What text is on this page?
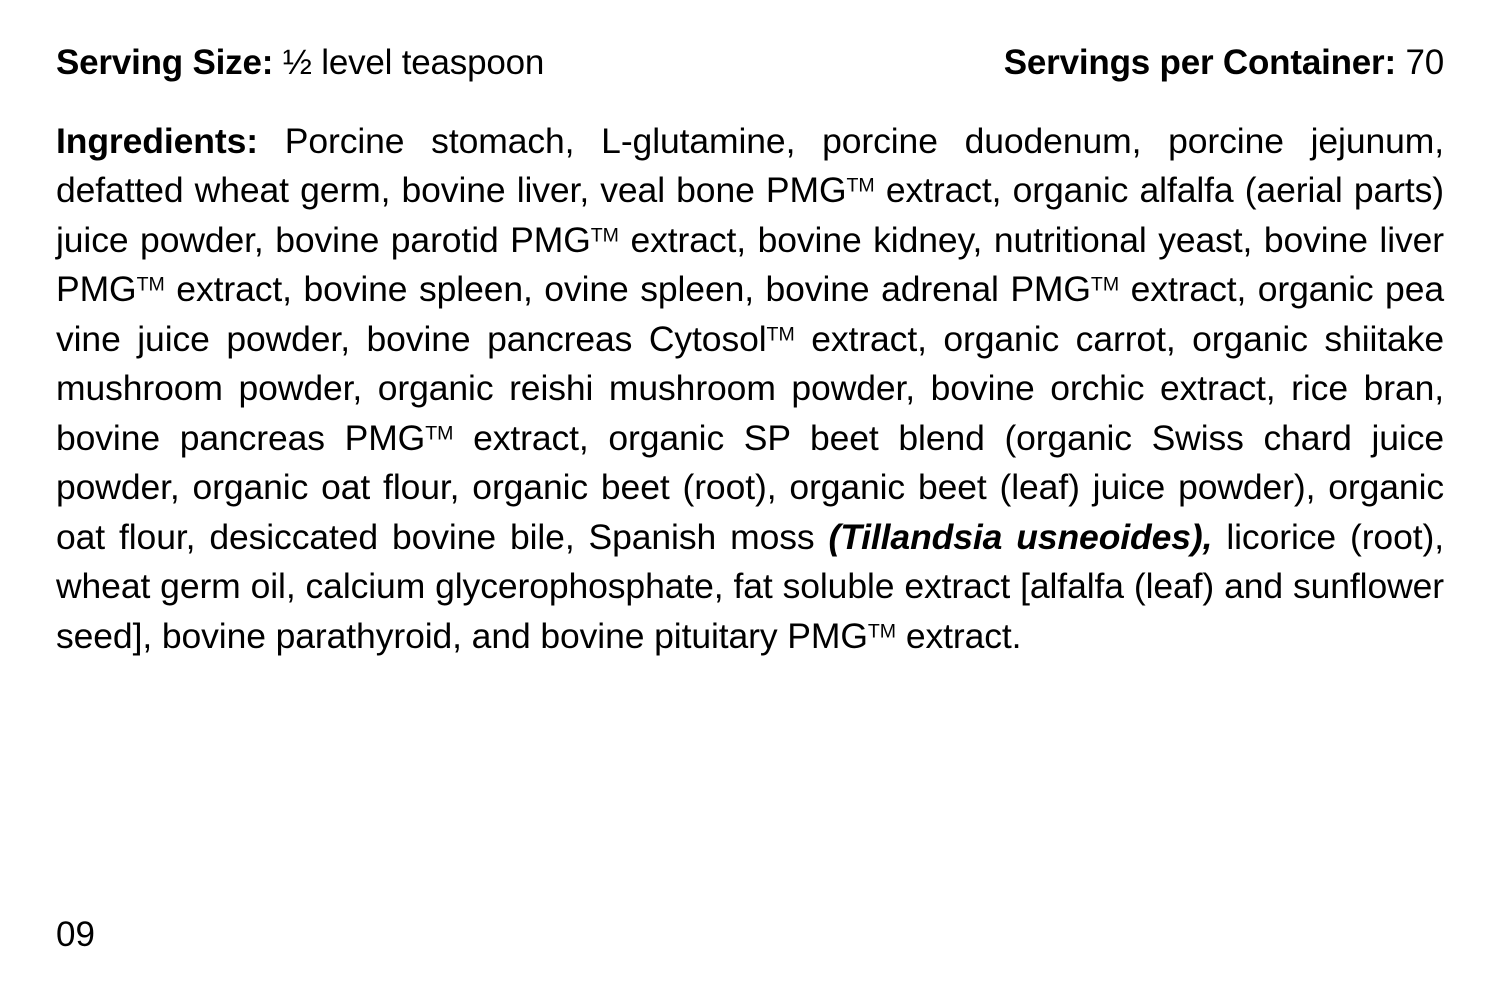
Serving Size: ½ level teaspoon	Servings per Container: 70
Ingredients: Porcine stomach, L-glutamine, porcine duodenum, porcine jejunum, defatted wheat germ, bovine liver, veal bone PMG™ extract, organic alfalfa (aerial parts) juice powder, bovine parotid PMG™ extract, bovine kidney, nutritional yeast, bovine liver PMG™ extract, bovine spleen, ovine spleen, bovine adrenal PMG™ extract, organic pea vine juice powder, bovine pancreas Cytosol™ extract, organic carrot, organic shiitake mushroom powder, organic reishi mushroom powder, bovine orchic extract, rice bran, bovine pancreas PMG™ extract, organic SP beet blend (organic Swiss chard juice powder, organic oat flour, organic beet (root), organic beet (leaf) juice powder), organic oat flour, desiccated bovine bile, Spanish moss (Tillandsia usneoides), licorice (root), wheat germ oil, calcium glycerophosphate, fat soluble extract [alfalfa (leaf) and sunflower seed], bovine parathyroid, and bovine pituitary PMG™ extract.
09
